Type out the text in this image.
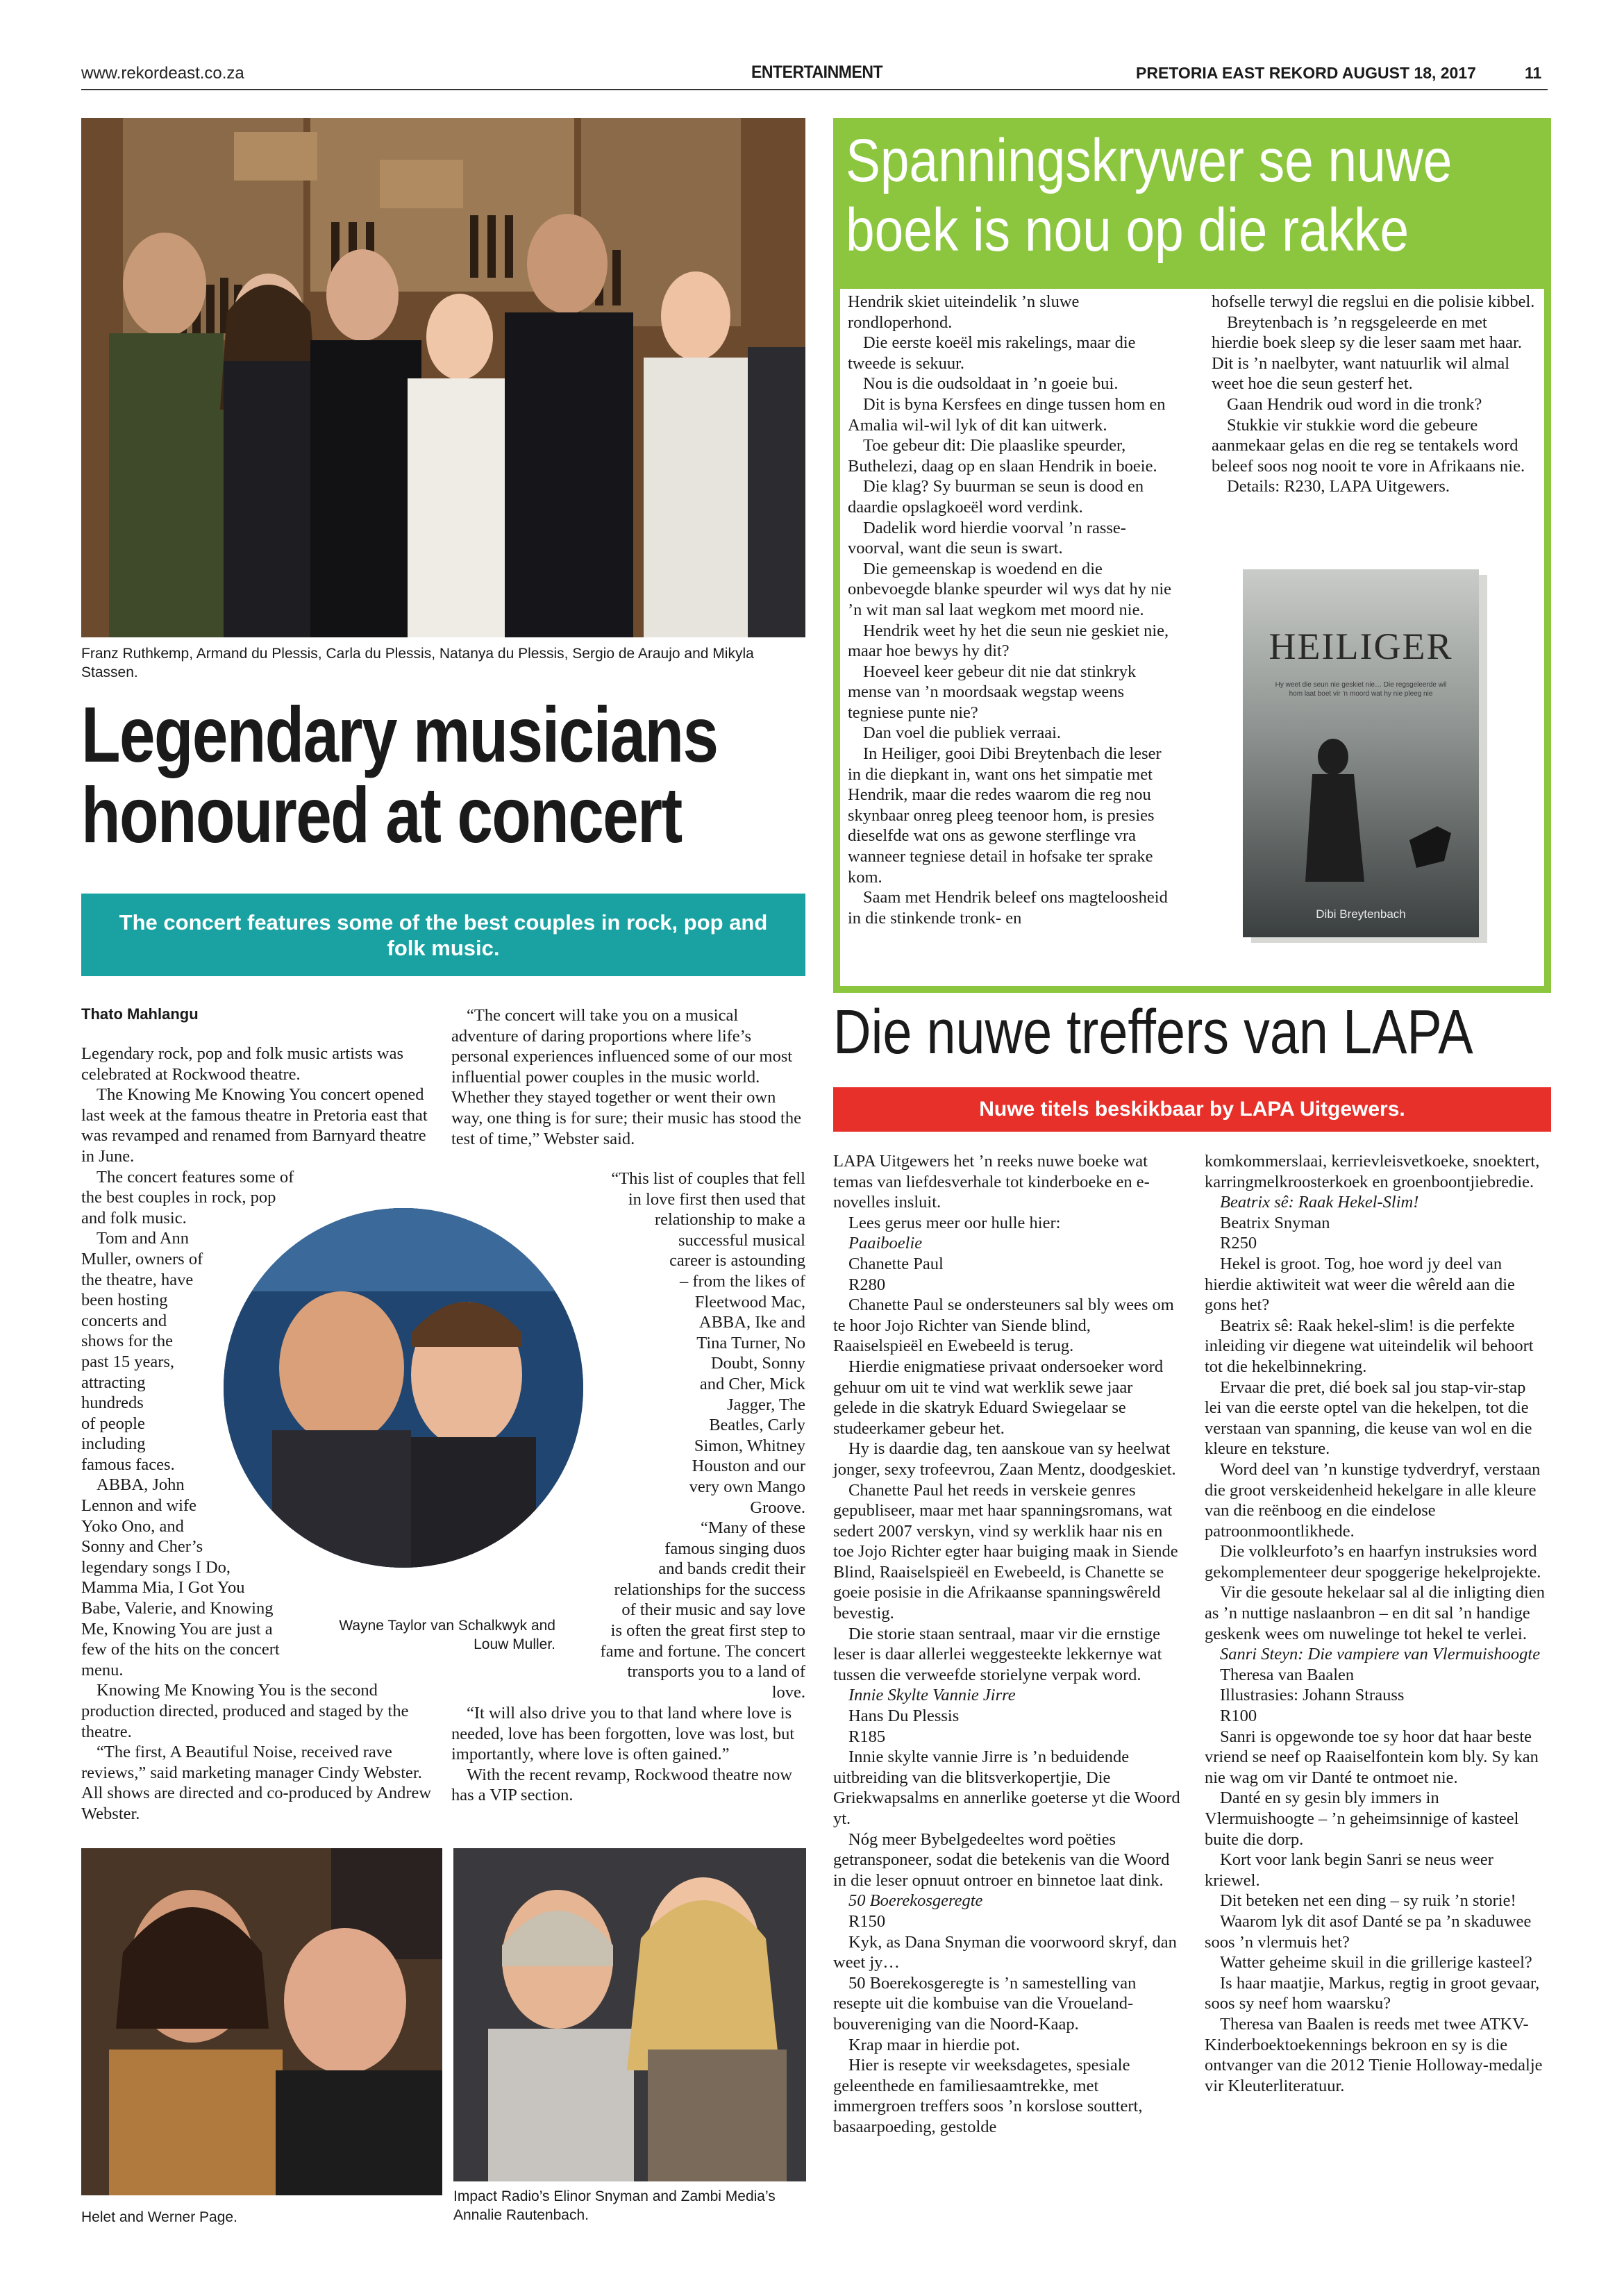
www.rekordeast.co.za	ENTERTAINMENT	PRETORIA EAST REKORD AUGUST 18, 2017	11
Franz Ruthkemp, Armand du Plessis, Carla du Plessis, Natanya du Plessis, Sergio de Araujo and Mikyla Stassen.
Legendary musicians
honoured at concert
The concert features some of the best couples in rock, pop and folk music.
Thato Mahlangu

Legendary rock, pop and folk music artists was celebrated at Rockwood theatre.

The Knowing Me Knowing You concert opened last week at the famous theatre in Pretoria east that was revamped and renamed from Barnyard theatre in June.

The concert features some of

the best couples in rock, pop

and folk music.

Tom and Ann

Muller, owners of

the theatre, have

been hosting

concerts and

shows for the

past 15 years,

attracting

hundreds

of people

including

famous faces.

ABBA, John

Lennon and wife

Yoko Ono, and

Sonny and Cher’s

legendary songs I Do,

Mamma Mia, I Got You

Babe, Valerie, and Knowing

Me, Knowing You are just a

few of the hits on the concert

menu.

Knowing Me Knowing You is the second production directed, produced and staged by the theatre.

“The first, A Beautiful Noise, received rave reviews,” said marketing manager Cindy Webster. All shows are directed and co-produced by Andrew Webster.

Wayne Taylor van Schalkwyk and Louw Muller.

“The concert will take you on a musical adventure of daring proportions where life’s personal experiences influenced some of our most influential power couples in the music world. Whether they stayed together or went their own way, one thing is for sure; their music has stood the test of time,” Webster said.

“This list of couples that fell

in love first then used that

relationship to make a

successful musical

career is astounding

– from the likes of

Fleetwood Mac,

ABBA, Ike and

Tina Turner, No

Doubt, Sonny

and Cher, Mick

Jagger, The

Beatles, Carly

Simon, Whitney

Houston and our

very own Mango

Groove.

“Many of these

famous singing duos

and bands credit their

relationships for the success

of their music and say love

is often the great first step to

fame and fortune. The concert

transports you to a land of

love.

“It will also drive you to that land where love is needed, love has been forgotten, love was lost, but importantly, where love is often gained.”

With the recent revamp, Rockwood theatre now has a VIP section.

Helet and Werner Page.
Impact Radio’s Elinor Snyman and Zambi Media’s Annalie Rautenbach.
Spanningskrywer se nuwe
boek is nou op die rakke

Hendrik skiet uiteindelik ’n sluwe rondloperhond.

Die eerste koeël mis rakelings, maar die tweede is sekuur.

Nou is die oudsoldaat in ’n goeie bui.

Dit is byna Kersfees en dinge tussen hom en Amalia wil-wil lyk of dit kan uitwerk.

Toe gebeur dit: Die plaaslike speurder, Buthelezi, daag op en slaan Hendrik in boeie.

Die klag? Sy buurman se seun is dood en daardie opslagkoeël word verdink.

Dadelik word hierdie voorval ’n rasse-voorval, want die seun is swart.

Die gemeenskap is woedend en die onbevoegde blanke speurder wil wys dat hy nie ’n wit man sal laat wegkom met moord nie.

Hendrik weet hy het die seun nie geskiet nie, maar hoe bewys hy dit?

Hoeveel keer gebeur dit nie dat stinkryk mense van ’n moordsaak wegstap weens tegniese punte nie?

Dan voel die publiek verraai.

In Heiliger, gooi Dibi Breytenbach die leser in die diepkant in, want ons het simpatie met Hendrik, maar die redes waarom die reg nou skynbaar onreg pleeg teenoor hom, is presies dieselfde wat ons as gewone sterflinge vra wanneer tegniese detail in hofsake ter sprake kom.

Saam met Hendrik beleef ons magteloosheid in die stinkende tronk- en

hofselle terwyl die regslui en die polisie kibbel.

Breytenbach is ’n regsgeleerde en met hierdie boek sleep sy die leser saam met haar. Dit is ’n naelbyter, want natuurlik wil almal weet hoe die seun gesterf het.

Gaan Hendrik oud word in die tronk?

Stukkie vir stukkie word die gebeure aanmekaar gelas en die reg se tentakels word beleef soos nog nooit te vore in Afrikaans nie.

Details: R230, LAPA Uitgewers.

HEILIGER
Hy weet die seun nie geskiet nie… Die regsgeleerde wil hom laat boet vir ’n moord wat hy nie pleeg nie
Dibi Breytenbach
Die nuwe treffers van LAPA
Nuwe titels beskikbaar by LAPA Uitgewers.

LAPA Uitgewers het ’n reeks nuwe boeke wat temas van liefdesverhale tot kinderboeke en e-novelles insluit.

Lees gerus meer oor hulle hier:

Paaiboelie

Chanette Paul

R280

Chanette Paul se ondersteuners sal bly wees om te hoor Jojo Richter van Siende blind, Raaiselspieël en Ewebeeld is terug.

Hierdie enigmatiese privaat ondersoeker word gehuur om uit te vind wat werklik sewe jaar gelede in die skatryk Eduard Swiegelaar se studeerkamer gebeur het.

Hy is daardie dag, ten aanskoue van sy heelwat jonger, sexy trofeevrou, Zaan Mentz, doodgeskiet.

Chanette Paul het reeds in verskeie genres gepubliseer, maar met haar spanningsromans, wat sedert 2007 verskyn, vind sy werklik haar nis en toe Jojo Richter egter haar buiging maak in Siende Blind, Raaiselspieël en Ewebeeld, is Chanette se goeie posisie in die Afrikaanse spanningswêreld bevestig.

Die storie staan sentraal, maar vir die ernstige leser is daar allerlei weggesteekte lekkernye wat tussen die verweefde storielyne verpak word.

Innie Skylte Vannie Jirre

Hans Du Plessis

R185

Innie skylte vannie Jirre is ’n beduidende uitbreiding van die blitsverkopertjie, Die Griekwapsalms en annerlike goeterse yt die Woord yt.

Nóg meer Bybelgedeeltes word poëties getransponeer, sodat die betekenis van die Woord in die leser opnuut ontroer en binnetoe laat dink.

50 Boerekosgeregte

R150

Kyk, as Dana Snyman die voorwoord skryf, dan weet jy…

50 Boerekosgeregte is ’n samestelling van resepte uit die kombuise van die Vrouelandbouvereniging van die Noord-Kaap.

Krap maar in hierdie pot.

Hier is resepte vir weeksdagetes, spesiale geleenthede en familiesaamtrekke, met immergroen treffers soos ’n korslose souttert, basaarpoeding, gestolde

komkommerslaai, kerrievleisvetkoeke, snoektert, karringmelkroosterkoek en groenboontjiebredie.

Beatrix sê: Raak Hekel-Slim!

Beatrix Snyman

R250

Hekel is groot. Tog, hoe word jy deel van hierdie aktiwiteit wat weer die wêreld aan die gons het?

Beatrix sê: Raak hekel-slim! is die perfekte inleiding vir diegene wat uiteindelik wil behoort tot die hekelbinnekring.

Ervaar die pret, dié boek sal jou stap-vir-stap lei van die eerste optel van die hekelpen, tot die verstaan van spanning, die keuse van wol en die kleure en teksture.

Word deel van ’n kunstige tydverdryf, verstaan die groot verskeidenheid hekelgare in alle kleure van die reënboog en die eindelose patroonmoontlikhede.

Die volkleurfoto’s en haarfyn instruksies word gekomplementeer deur spoggerige hekelprojekte.

Vir die gesoute hekelaar sal al die inligting dien as ’n nuttige naslaanbron – en dit sal ’n handige geskenk wees om nuwelinge tot hekel te verlei.

Sanri Steyn: Die vampiere van Vlermuishoogte

Theresa van Baalen

Illustrasies: Johann Strauss

R100

Sanri is opgewonde toe sy hoor dat haar beste vriend se neef op Raaiselfontein kom bly. Sy kan nie wag om vir Danté te ontmoet nie.

Danté en sy gesin bly immers in Vlermuishoogte – ’n geheimsinnige of kasteel buite die dorp.

Kort voor lank begin Sanri se neus weer kriewel.

Dit beteken net een ding – sy ruik ’n storie!

Waarom lyk dit asof Danté se pa ’n skaduwee soos ’n vlermuis het?

Watter geheime skuil in die grillerige kasteel?

Is haar maatjie, Markus, regtig in groot gevaar, soos sy neef hom waarsku?

Theresa van Baalen is reeds met twee ATKV-Kinderboektoekennings bekroon en sy is die ontvanger van die 2012 Tienie Holloway-medalje vir Kleuterliteratuur.
